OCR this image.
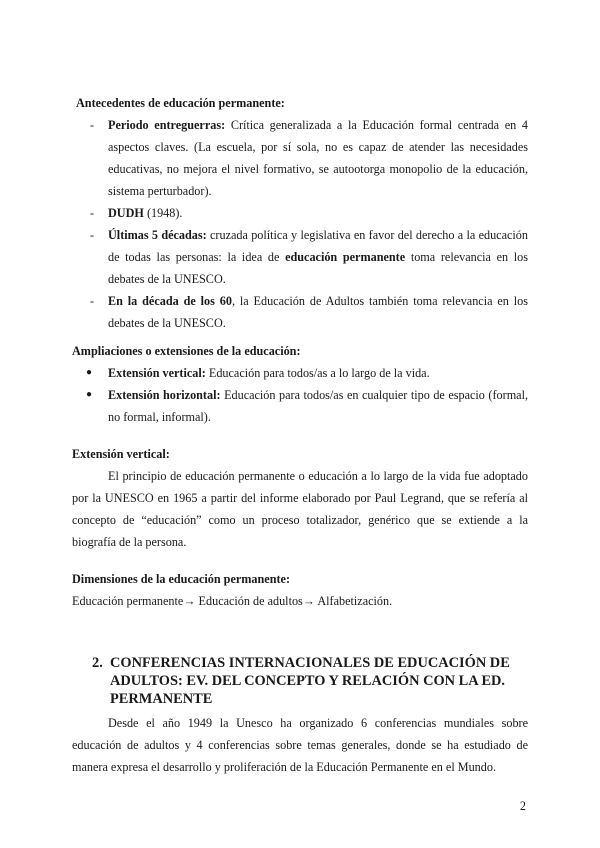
Antecedentes de educación permanente:
- Periodo entreguerras: Crítica generalizada a la Educación formal centrada en 4 aspectos claves. (La escuela, por sí sola, no es capaz de atender las necesidades educativas, no mejora el nivel formativo, se autootorga monopolio de la educación, sistema perturbador).
- DUDH (1948).
- Últimas 5 décadas: cruzada política y legislativa en favor del derecho a la educación de todas las personas: la idea de educación permanente toma relevancia en los debates de la UNESCO.
- En la década de los 60, la Educación de Adultos también toma relevancia en los debates de la UNESCO.
Ampliaciones o extensiones de la educación:
● Extensión vertical: Educación para todos/as a lo largo de la vida.
● Extensión horizontal: Educación para todos/as en cualquier tipo de espacio (formal, no formal, informal).
Extensión vertical:
El principio de educación permanente o educación a lo largo de la vida fue adoptado por la UNESCO en 1965 a partir del informe elaborado por Paul Legrand, que se refería al concepto de “educación” como un proceso totalizador, genérico que se extiende a la biografía de la persona.
Dimensiones de la educación permanente:
Educación permanente→ Educación de adultos→ Alfabetización.
2. CONFERENCIAS INTERNACIONALES DE EDUCACIÓN DE ADULTOS: EV. DEL CONCEPTO Y RELACIÓN CON LA ED. PERMANENTE
Desde el año 1949 la Unesco ha organizado 6 conferencias mundiales sobre educación de adultos y 4 conferencias sobre temas generales, donde se ha estudiado de manera expresa el desarrollo y proliferación de la Educación Permanente en el Mundo.
2
